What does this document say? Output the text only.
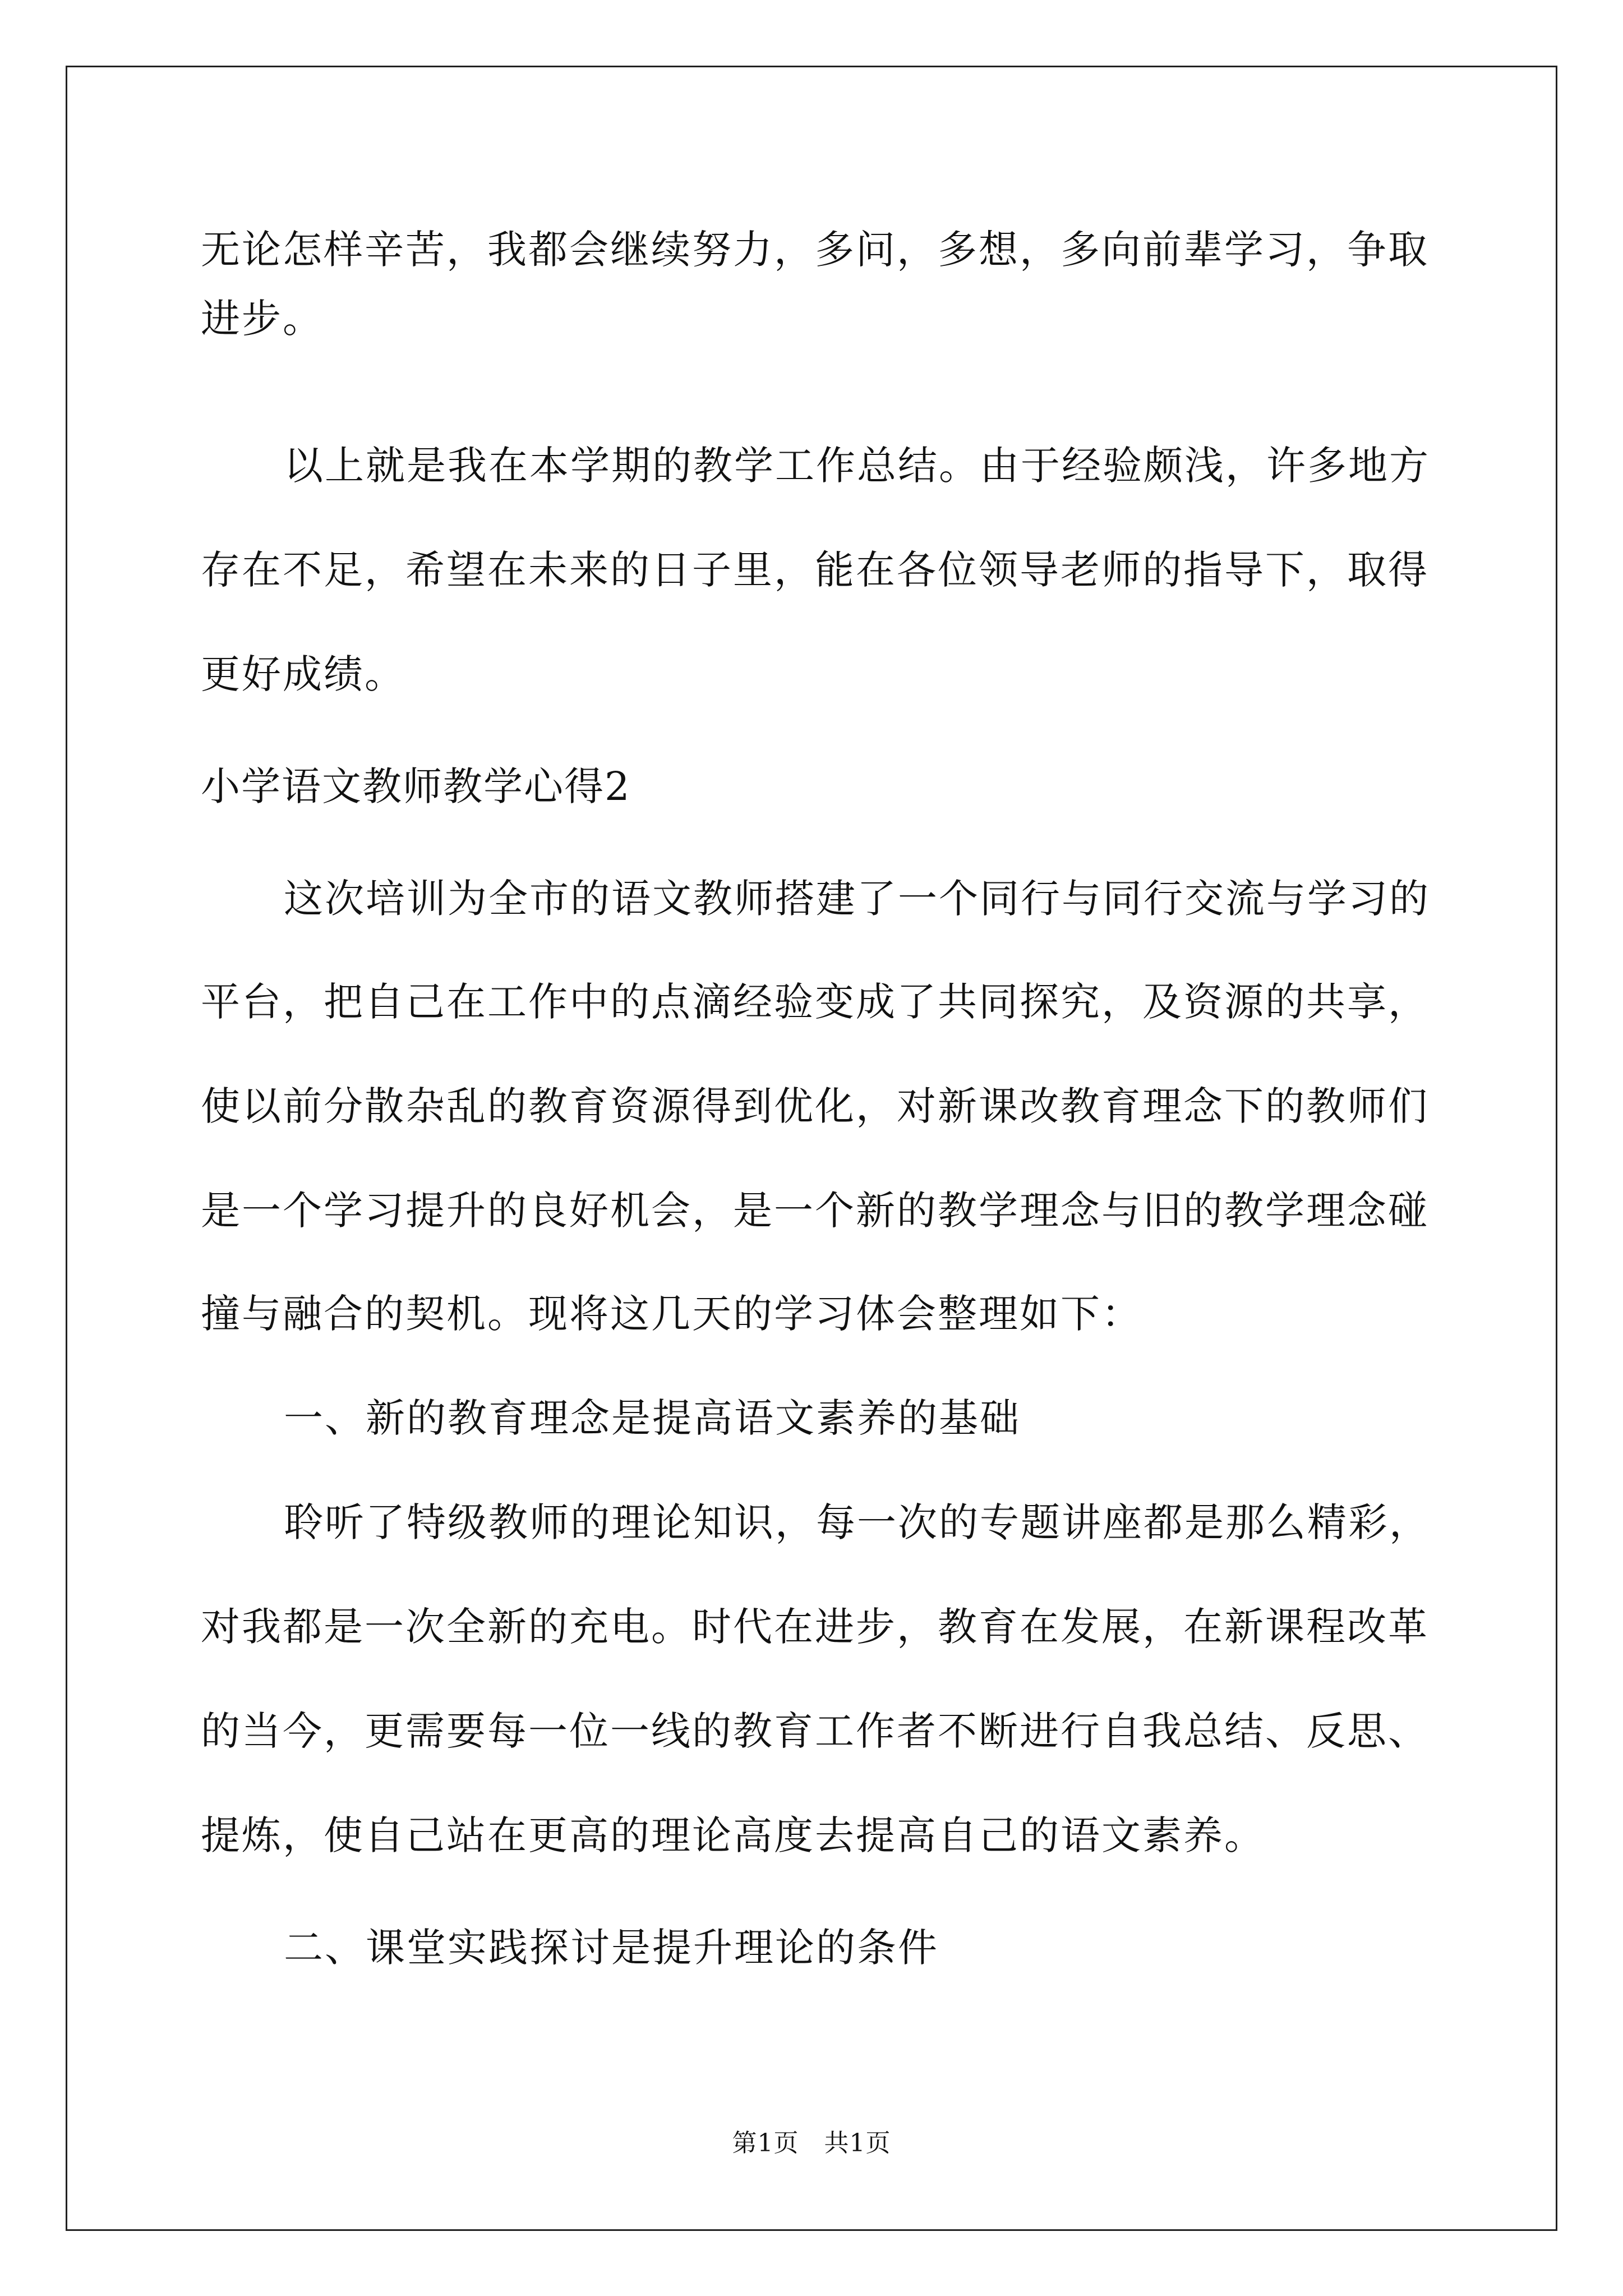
无论怎样辛苦，我都会继续努力，多问，多想，多向前辈学习，争取
进步。
以上就是我在本学期的教学工作总结。由于经验颇浅，许多地方
存在不足，希望在未来的日子里，能在各位领导老师的指导下，取得
更好成绩。
小学语文教师教学心得2
这次培训为全市的语文教师搭建了一个同行与同行交流与学习的
平台，把自己在工作中的点滴经验变成了共同探究，及资源的共享，
使以前分散杂乱的教育资源得到优化，对新课改教育理念下的教师们
是一个学习提升的良好机会，是一个新的教学理念与旧的教学理念碰
撞与融合的契机。现将这几天的学习体会整理如下：
一、新的教育理念是提高语文素养的基础
聆听了特级教师的理论知识，每一次的专题讲座都是那么精彩，
对我都是一次全新的充电。时代在进步，教育在发展，在新课程改革
的当今，更需要每一位一线的教育工作者不断进行自我总结、反思、
提炼，使自己站在更高的理论高度去提高自己的语文素养。
二、课堂实践探讨是提升理论的条件
第1页　共1页
